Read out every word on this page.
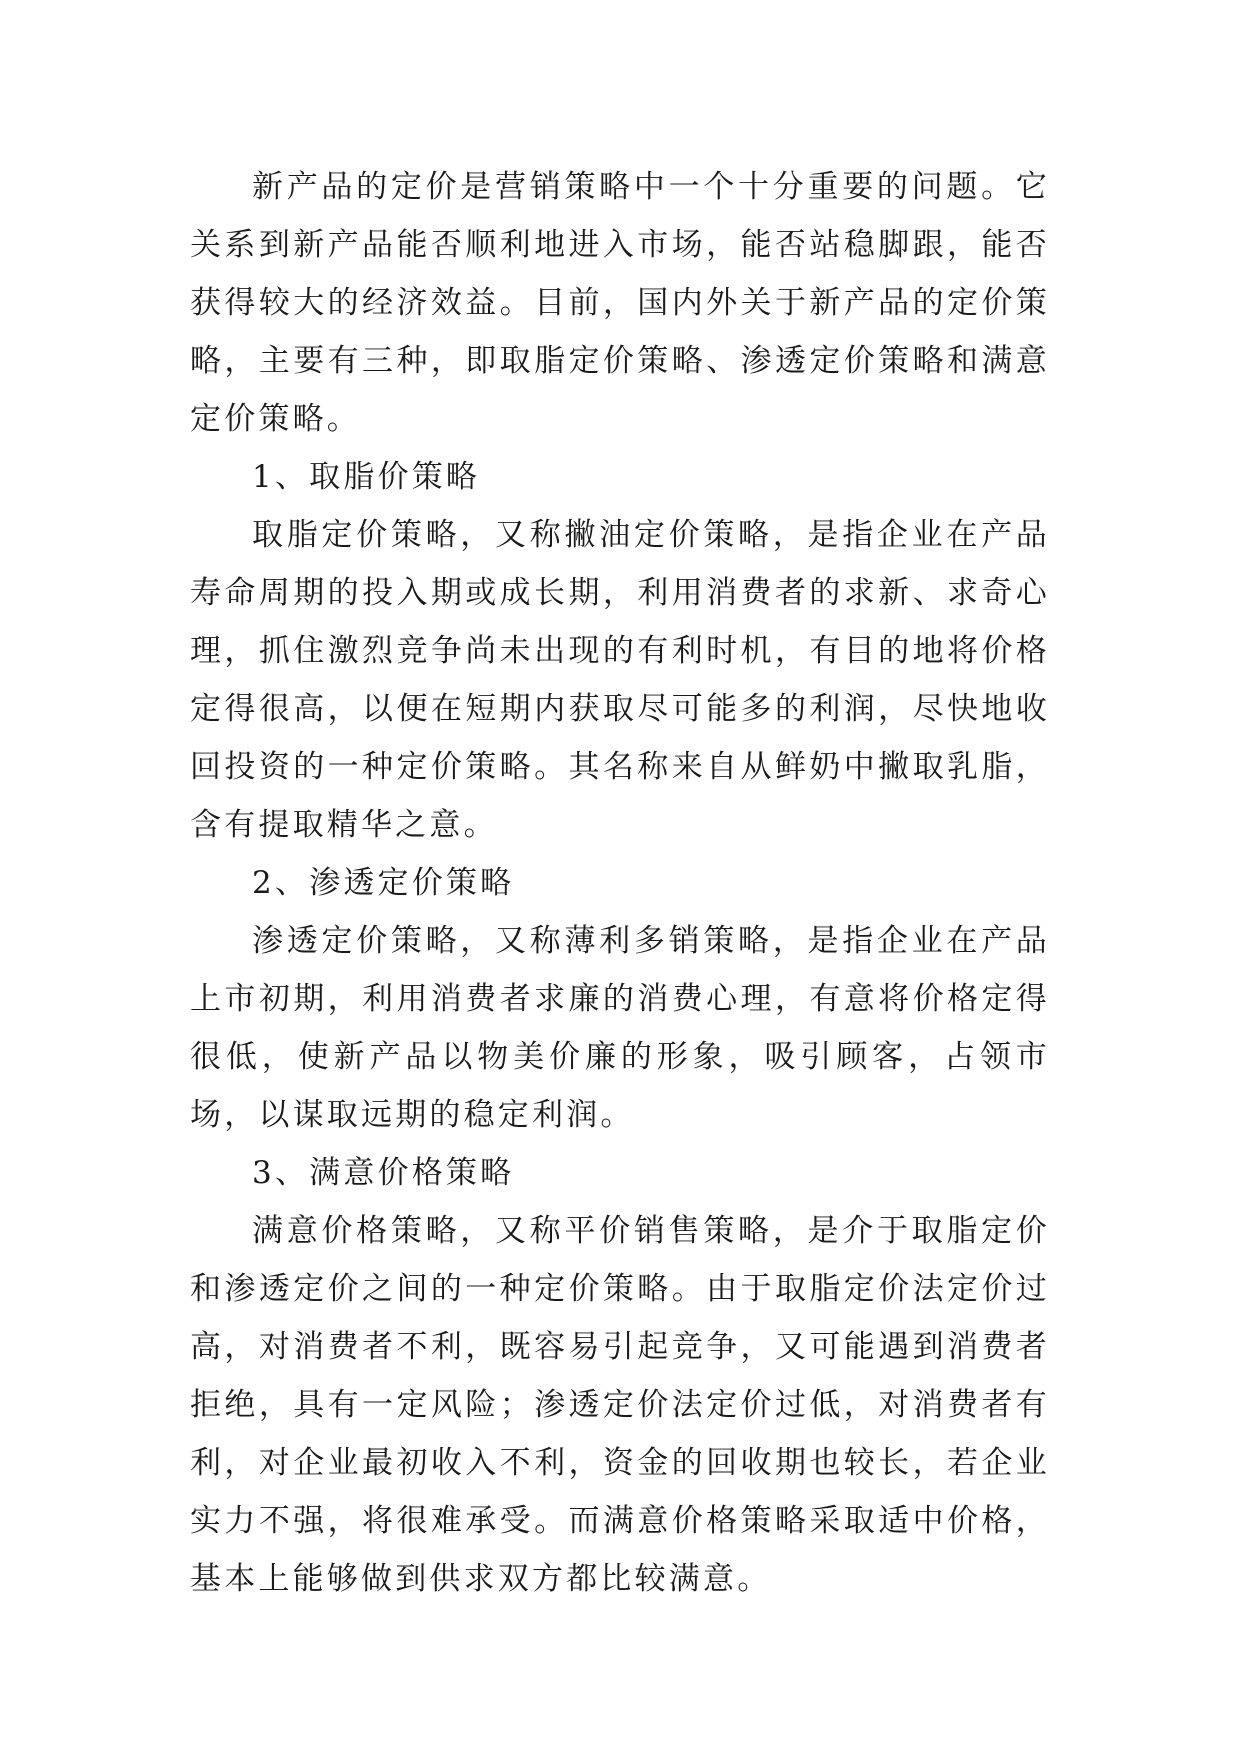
新产品的定价是营销策略中一个十分重要的问题。它关系到新产品能否顺利地进入市场，能否站稳脚跟，能否获得较大的经济效益。目前，国内外关于新产品的定价策略，主要有三种，即取脂定价策略、渗透定价策略和满意定价策略。

1、取脂价策略

取脂定价策略，又称撇油定价策略，是指企业在产品寿命周期的投入期或成长期，利用消费者的求新、求奇心理，抓住激烈竞争尚未出现的有利时机，有目的地将价格定得很高，以便在短期内获取尽可能多的利润，尽快地收回投资的一种定价策略。其名称来自从鲜奶中撇取乳脂，含有提取精华之意。

2、渗透定价策略

渗透定价策略，又称薄利多销策略，是指企业在产品上市初期，利用消费者求廉的消费心理，有意将价格定得很低，使新产品以物美价廉的形象，吸引顾客，占领市场，以谋取远期的稳定利润。

3、满意价格策略

满意价格策略，又称平价销售策略，是介于取脂定价和渗透定价之间的一种定价策略。由于取脂定价法定价过高，对消费者不利，既容易引起竞争，又可能遇到消费者拒绝，具有一定风险；渗透定价法定价过低，对消费者有利，对企业最初收入不利，资金的回收期也较长，若企业实力不强，将很难承受。而满意价格策略采取适中价格，基本上能够做到供求双方都比较满意。
